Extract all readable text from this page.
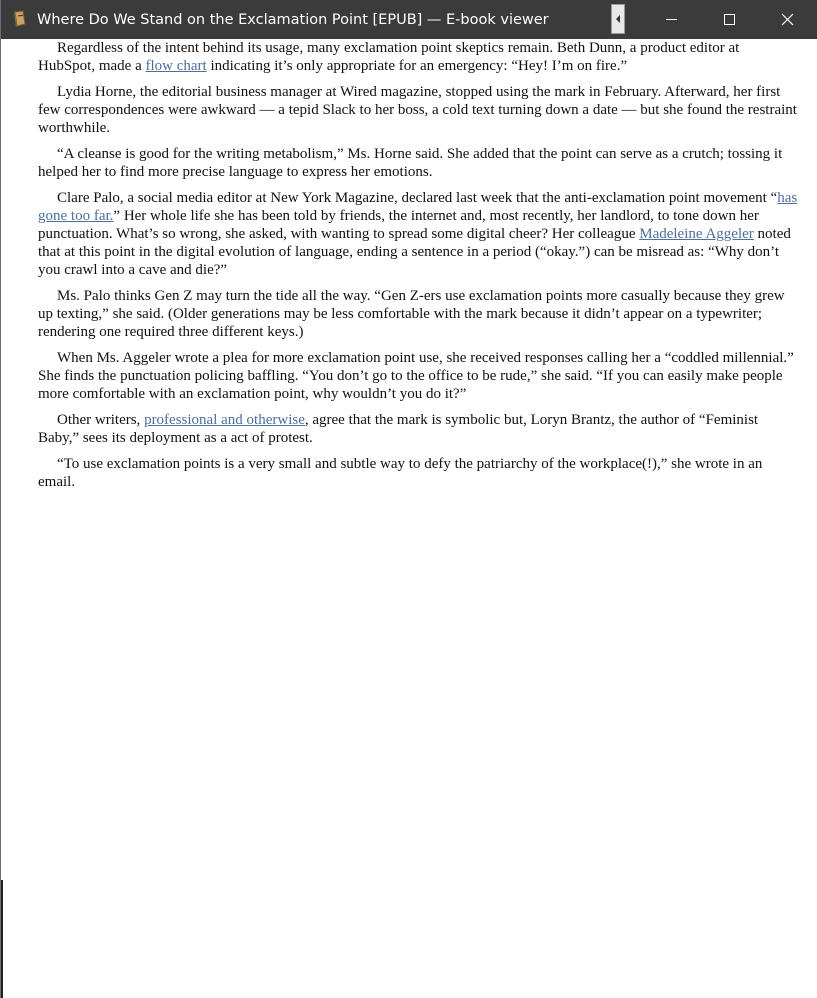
Where Do We Stand on the Exclamation Point [EPUB] — E-book viewer

Regardless of the intent behind its usage, many exclamation point skeptics remain. Beth Dunn, a product editor at HubSpot, made a flow chart indicating it’s only appropriate for an emergency: “Hey! I’m on fire.”

Lydia Horne, the editorial business manager at Wired magazine, stopped using the mark in February. Afterward, her first few correspondences were awkward — a tepid Slack to her boss, a cold text turning down a date — but she found the restraint worthwhile.

“A cleanse is good for the writing metabolism,” Ms. Horne said. She added that the point can serve as a crutch; tossing it helped her to find more precise language to express her emotions.

Clare Palo, a social media editor at New York Magazine, declared last week that the anti-exclamation point movement “has gone too far.” Her whole life she has been told by friends, the internet and, most recently, her landlord, to tone down her punctuation. What’s so wrong, she asked, with wanting to spread some digital cheer? Her colleague Madeleine Aggeler noted that at this point in the digital evolution of language, ending a sentence in a period (“okay.”) can be misread as: “Why don’t you crawl into a cave and die?”

Ms. Palo thinks Gen Z may turn the tide all the way. “Gen Z-ers use exclamation points more casually because they grew up texting,” she said. (Older generations may be less comfortable with the mark because it didn’t appear on a typewriter; rendering one required three different keys.)

When Ms. Aggeler wrote a plea for more exclamation point use, she received responses calling her a “coddled millennial.” She finds the punctuation policing baffling. “You don’t go to the office to be rude,” she said. “If you can easily make people more comfortable with an exclamation point, why wouldn’t you do it?”

Other writers, professional and otherwise, agree that the mark is symbolic but, Loryn Brantz, the author of “Feminist Baby,” sees its deployment as a act of protest.

“To use exclamation points is a very small and subtle way to defy the patriarchy of the workplace(!),” she wrote in an email.
